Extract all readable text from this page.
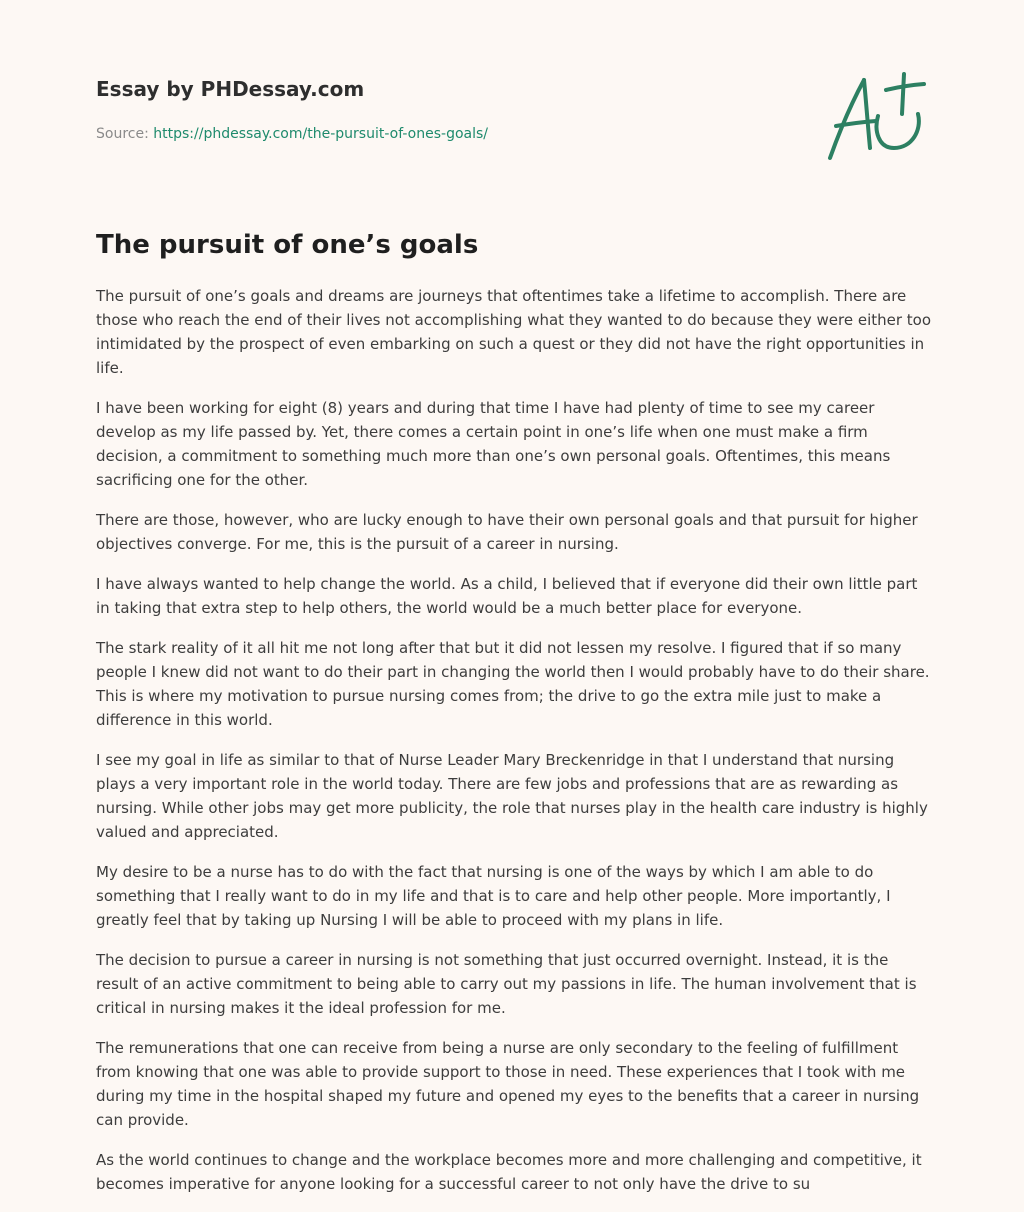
Essay by PHDessay.com
Source: https://phdessay.com/the-pursuit-of-ones-goals/
The pursuit of one’s goals

The pursuit of one’s goals and dreams are journeys that oftentimes take a lifetime to accomplish. There are those who reach the end of their lives not accomplishing what they wanted to do because they were either too intimidated by the prospect of even embarking on such a quest or they did not have the right opportunities in life.

I have been working for eight (8) years and during that time I have had plenty of time to see my career develop as my life passed by. Yet, there comes a certain point in one’s life when one must make a firm decision, a commitment to something much more than one’s own personal goals. Oftentimes, this means sacrificing one for the other.

There are those, however, who are lucky enough to have their own personal goals and that pursuit for higher objectives converge. For me, this is the pursuit of a career in nursing.

I have always wanted to help change the world. As a child, I believed that if everyone did their own little part in taking that extra step to help others, the world would be a much better place for everyone.

The stark reality of it all hit me not long after that but it did not lessen my resolve. I figured that if so many people I knew did not want to do their part in changing the world then I would probably have to do their share. This is where my motivation to pursue nursing comes from; the drive to go the extra mile just to make a difference in this world.

I see my goal in life as similar to that of Nurse Leader Mary Breckenridge in that I understand that nursing plays a very important role in the world today. There are few jobs and professions that are as rewarding as nursing. While other jobs may get more publicity, the role that nurses play in the health care industry is highly valued and appreciated.

My desire to be a nurse has to do with the fact that nursing is one of the ways by which I am able to do something that I really want to do in my life and that is to care and help other people. More importantly, I greatly feel that by taking up Nursing I will be able to proceed with my plans in life.

The decision to pursue a career in nursing is not something that just occurred overnight. Instead, it is the result of an active commitment to being able to carry out my passions in life. The human involvement that is critical in nursing makes it the ideal profession for me.

The remunerations that one can receive from being a nurse are only secondary to the feeling of fulfillment from knowing that one was able to provide support to those in need. These experiences that I took with me during my time in the hospital shaped my future and opened my eyes to the benefits that a career in nursing can provide.

As the world continues to change and the workplace becomes more and more challenging and competitive, it becomes imperative for anyone looking for a successful career to not only have the drive to su
